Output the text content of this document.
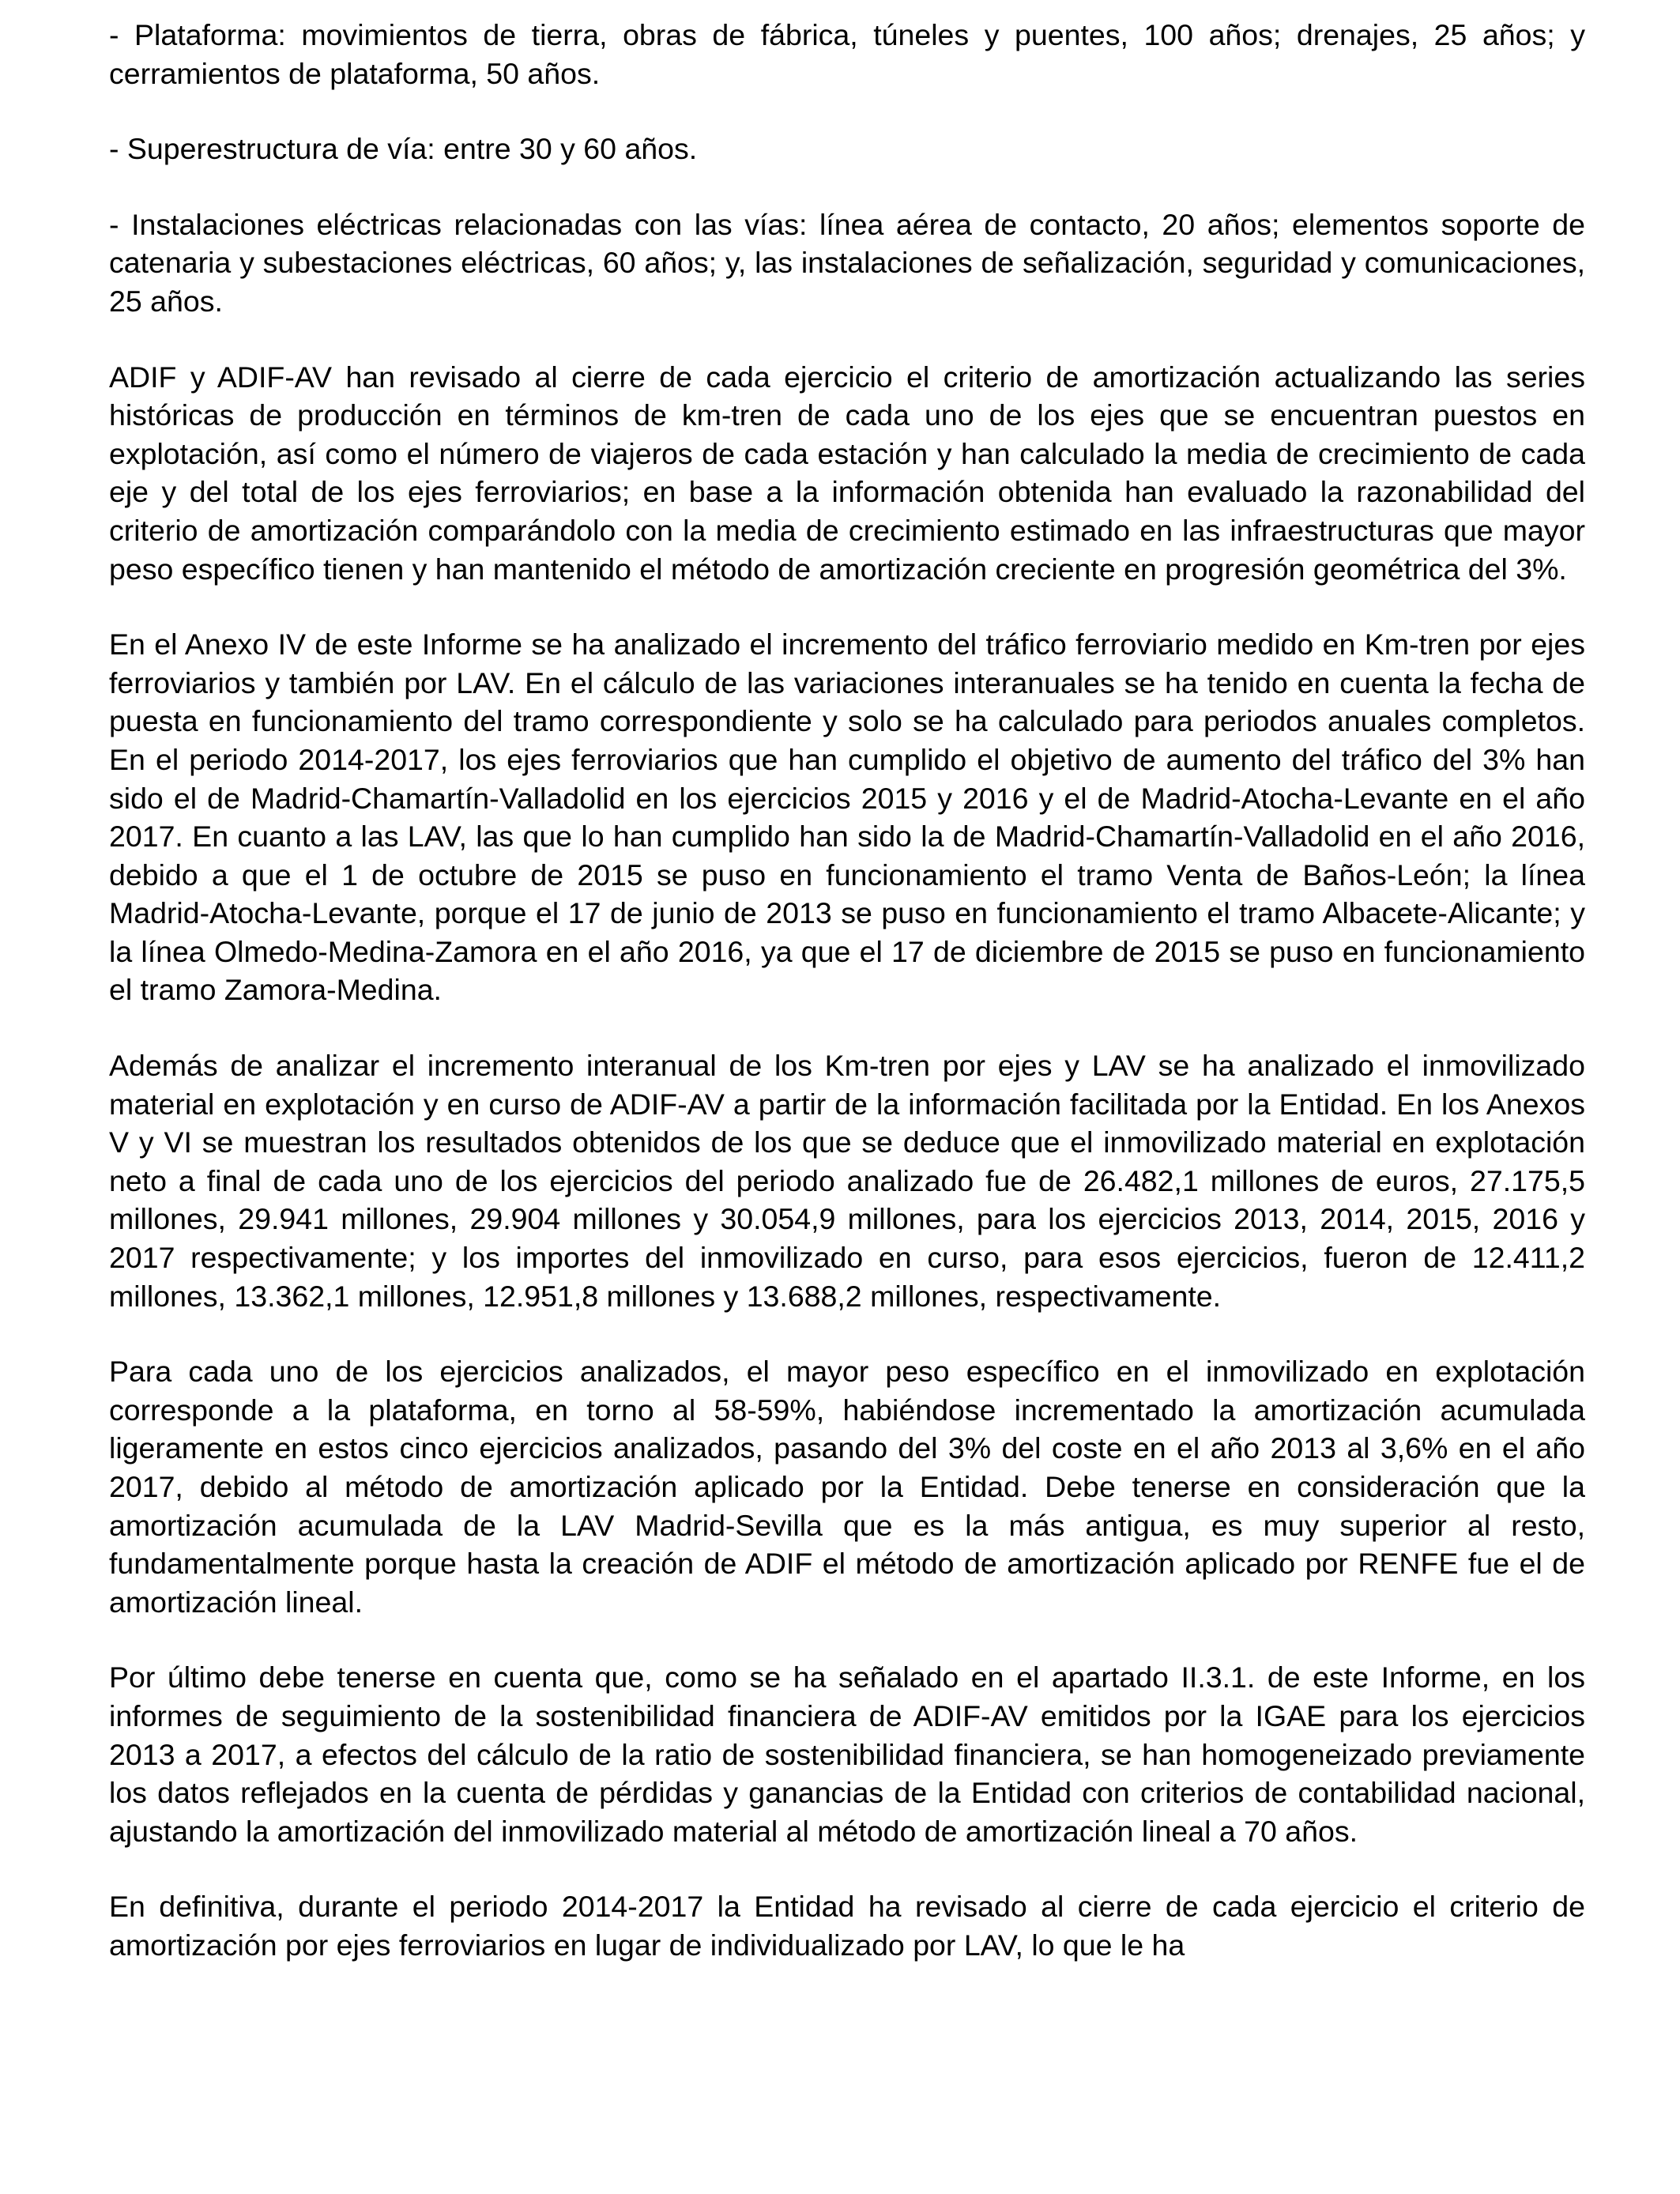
- Plataforma: movimientos de tierra, obras de fábrica, túneles y puentes, 100 años; drenajes, 25 años; y cerramientos de plataforma, 50 años.

- Superestructura de vía: entre 30 y 60 años.

- Instalaciones eléctricas relacionadas con las vías: línea aérea de contacto, 20 años; elementos soporte de catenaria y subestaciones eléctricas, 60 años; y, las instalaciones de señalización, seguridad y comunicaciones, 25 años.

ADIF y ADIF-AV han revisado al cierre de cada ejercicio el criterio de amortización actualizando las series históricas de producción en términos de km-tren de cada uno de los ejes que se encuentran puestos en explotación, así como el número de viajeros de cada estación y han calculado la media de crecimiento de cada eje y del total de los ejes ferroviarios; en base a la información obtenida han evaluado la razonabilidad del criterio de amortización comparándolo con la media de crecimiento estimado en las infraestructuras que mayor peso específico tienen y han mantenido el método de amortización creciente en progresión geométrica del 3%.

En el Anexo IV de este Informe se ha analizado el incremento del tráfico ferroviario medido en Km-tren por ejes ferroviarios y también por LAV. En el cálculo de las variaciones interanuales se ha tenido en cuenta la fecha de puesta en funcionamiento del tramo correspondiente y solo se ha calculado para periodos anuales completos. En el periodo 2014-2017, los ejes ferroviarios que han cumplido el objetivo de aumento del tráfico del 3% han sido el de Madrid-Chamartín-Valladolid en los ejercicios 2015 y 2016 y el de Madrid-Atocha-Levante en el año 2017. En cuanto a las LAV, las que lo han cumplido han sido la de Madrid-Chamartín-Valladolid en el año 2016, debido a que el 1 de octubre de 2015 se puso en funcionamiento el tramo Venta de Baños-León; la línea Madrid-Atocha-Levante, porque el 17 de junio de 2013 se puso en funcionamiento el tramo Albacete-Alicante; y la línea Olmedo-Medina-Zamora en el año 2016, ya que el 17 de diciembre de 2015 se puso en funcionamiento el tramo Zamora-Medina.

Además de analizar el incremento interanual de los Km-tren por ejes y LAV se ha analizado el inmovilizado material en explotación y en curso de ADIF-AV a partir de la información facilitada por la Entidad. En los Anexos V y VI se muestran los resultados obtenidos de los que se deduce que el inmovilizado material en explotación neto a final de cada uno de los ejercicios del periodo analizado fue de 26.482,1 millones de euros, 27.175,5 millones, 29.941 millones, 29.904 millones y 30.054,9 millones, para los ejercicios 2013, 2014, 2015, 2016 y 2017 respectivamente; y los importes del inmovilizado en curso, para esos ejercicios, fueron de 12.411,2 millones, 13.362,1 millones, 12.951,8 millones y 13.688,2 millones, respectivamente.

Para cada uno de los ejercicios analizados, el mayor peso específico en el inmovilizado en explotación corresponde a la plataforma, en torno al 58-59%, habiéndose incrementado la amortización acumulada ligeramente en estos cinco ejercicios analizados, pasando del 3% del coste en el año 2013 al 3,6% en el año 2017, debido al método de amortización aplicado por la Entidad. Debe tenerse en consideración que la amortización acumulada de la LAV Madrid-Sevilla que es la más antigua, es muy superior al resto, fundamentalmente porque hasta la creación de ADIF el método de amortización aplicado por RENFE fue el de amortización lineal.

Por último debe tenerse en cuenta que, como se ha señalado en el apartado II.3.1. de este Informe, en los informes de seguimiento de la sostenibilidad financiera de ADIF-AV emitidos por la IGAE para los ejercicios 2013 a 2017, a efectos del cálculo de la ratio de sostenibilidad financiera, se han homogeneizado previamente los datos reflejados en la cuenta de pérdidas y ganancias de la Entidad con criterios de contabilidad nacional, ajustando la amortización del inmovilizado material al método de amortización lineal a 70 años.

En definitiva, durante el periodo 2014-2017 la Entidad ha revisado al cierre de cada ejercicio el criterio de amortización por ejes ferroviarios en lugar de individualizado por LAV, lo que le ha
